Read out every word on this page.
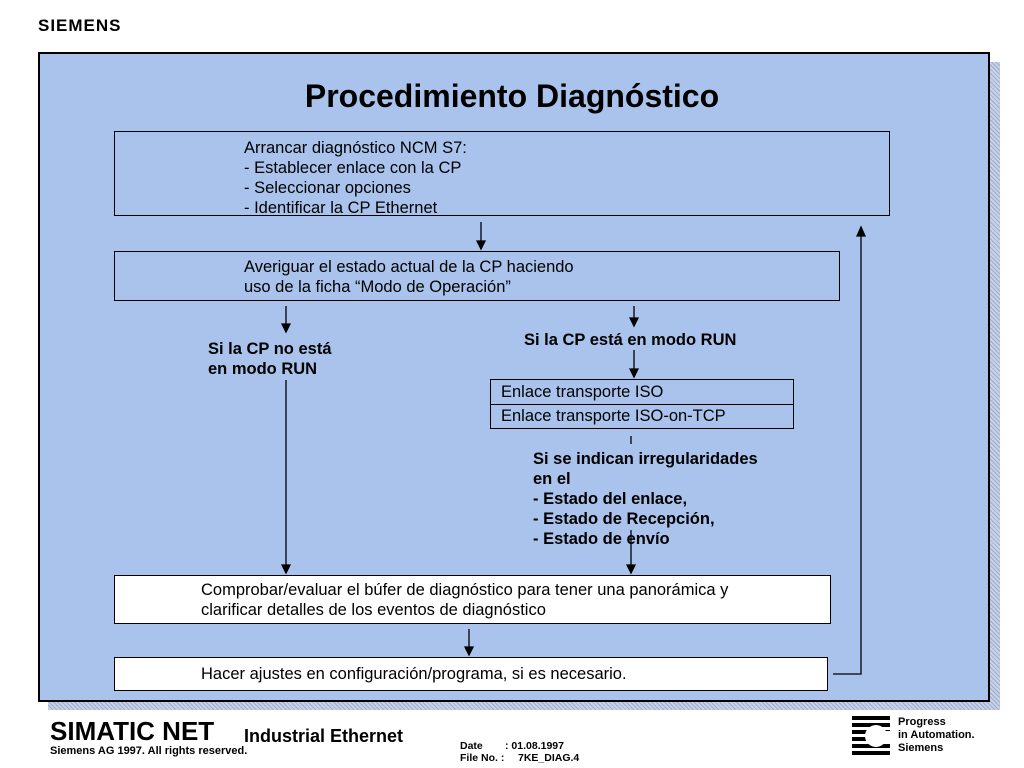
SIEMENS
Procedimiento Diagnóstico
Arrancar diagnóstico NCM S7:
- Establecer enlace con la CP
- Seleccionar opciones
- Identificar la CP Ethernet
Averiguar el estado actual de la CP haciendo
uso de la ficha “Modo de Operación”
Si la CP no está
en modo RUN
Si la CP está en modo RUN
Enlace transporte ISO
Enlace transporte ISO-on-TCP
Si se indican irregularidades
en el
- Estado del enlace,
- Estado de Recepción,
- Estado de envío
Comprobar/evaluar el búfer de diagnóstico para tener una panorámica y
clarificar detalles de los eventos de diagnóstico
Hacer ajustes en configuración/programa, si es necesario.
SIMATIC NET Industrial Ethernet
Siemens AG 1997. All rights reserved.	Date : 01.08.1997
File No. : 7KE_DIAG.4
Progress
in Automation.
Siemens
